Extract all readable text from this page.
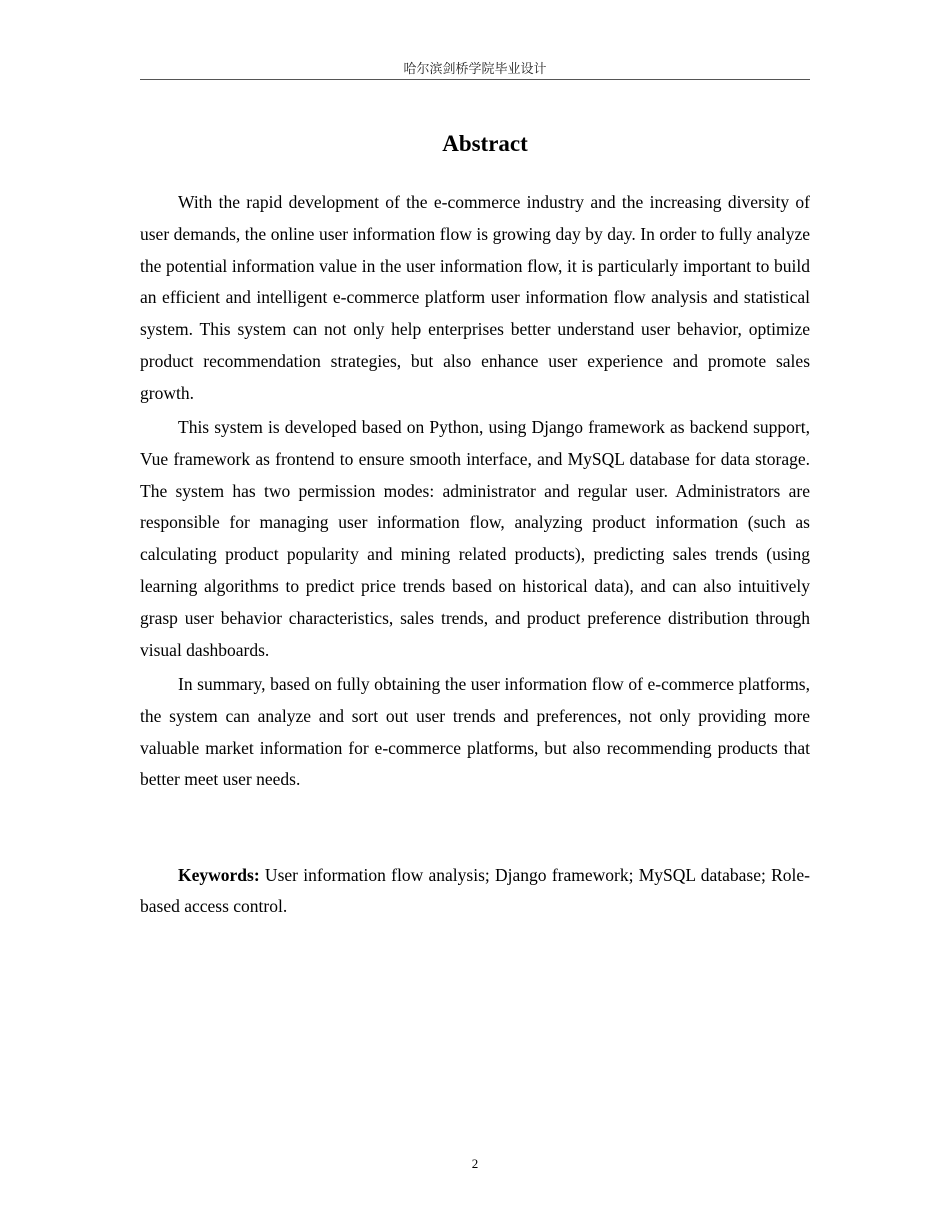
哈尔滨剑桥学院毕业设计
Abstract

With the rapid development of the e-commerce industry and the increasing diversity of user demands, the online user information flow is growing day by day. In order to fully analyze the potential information value in the user information flow, it is particularly important to build an efficient and intelligent e-commerce platform user information flow analysis and statistical system. This system can not only help enterprises better understand user behavior, optimize product recommendation strategies, but also enhance user experience and promote sales growth.

This system is developed based on Python, using Django framework as backend support, Vue framework as frontend to ensure smooth interface, and MySQL database for data storage. The system has two permission modes: administrator and regular user. Administrators are responsible for managing user information flow, analyzing product information (such as calculating product popularity and mining related products), predicting sales trends (using learning algorithms to predict price trends based on historical data), and can also intuitively grasp user behavior characteristics, sales trends, and product preference distribution through visual dashboards.

In summary, based on fully obtaining the user information flow of e-commerce platforms, the system can analyze and sort out user trends and preferences, not only providing more valuable market information for e-commerce platforms, but also recommending products that better meet user needs.

Keywords: User information flow analysis; Django framework; MySQL database; Role-based access control.

2
